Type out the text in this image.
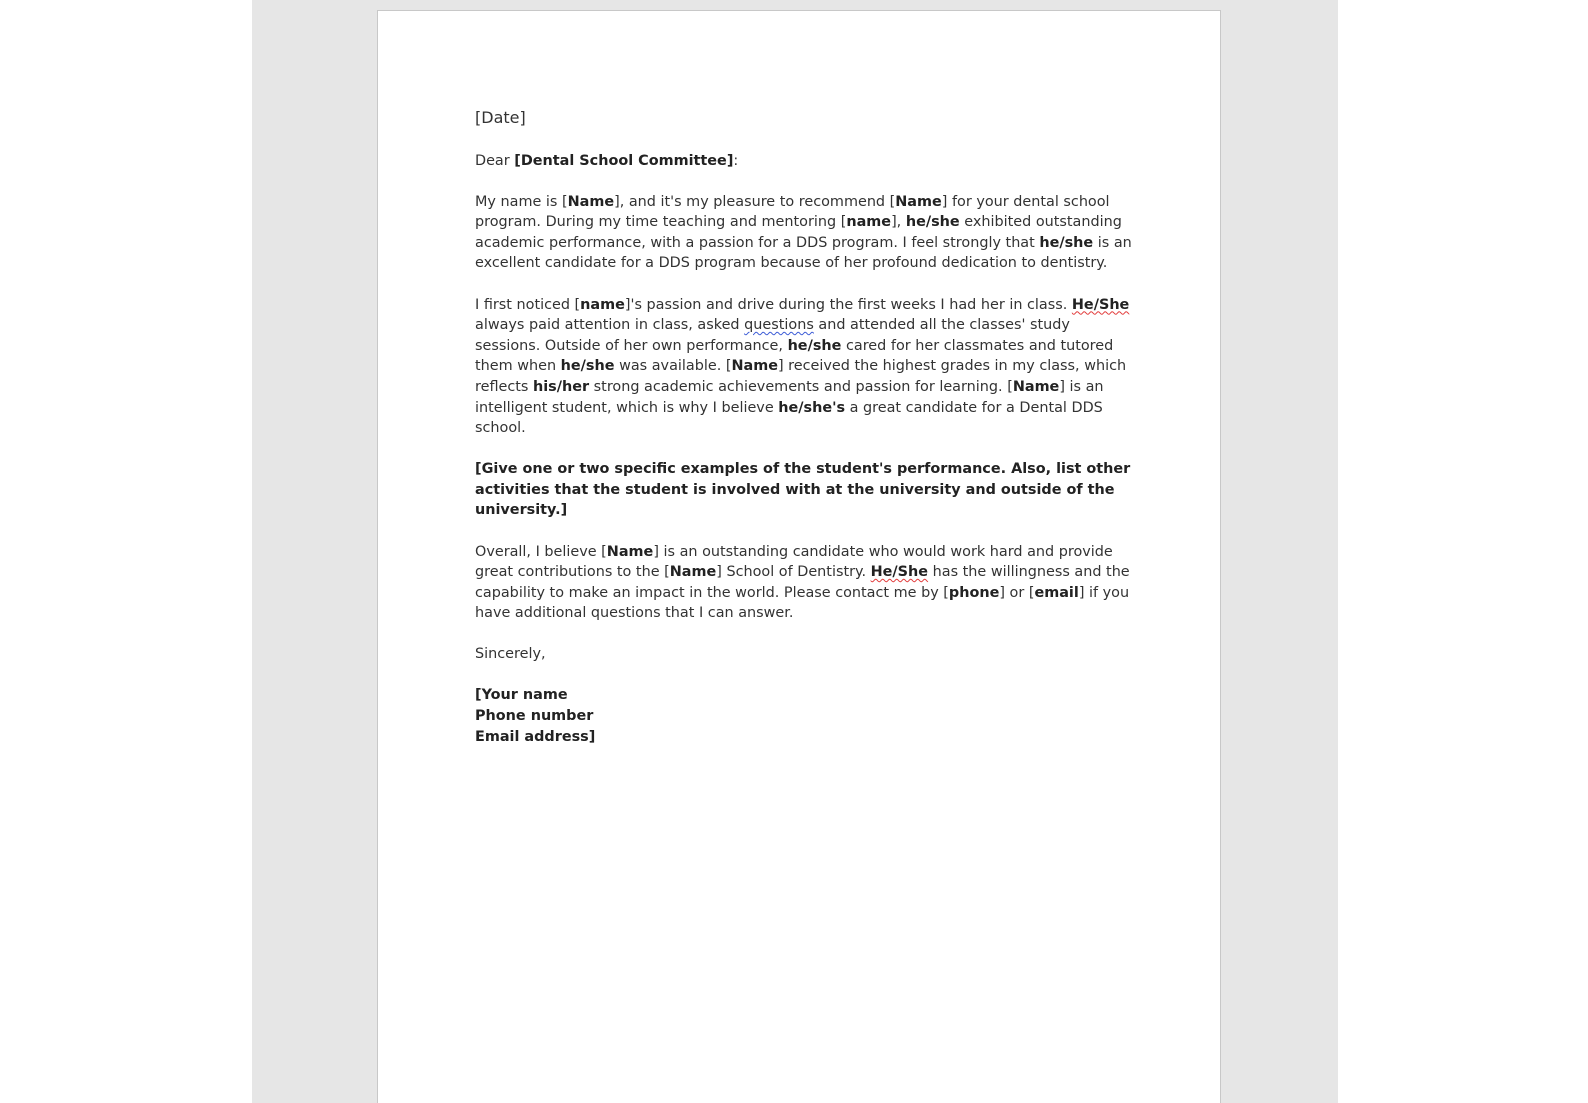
[Date]

Dear [Dental School Committee]:

My name is [Name], and it's my pleasure to recommend [Name] for your dental school program. During my time teaching and mentoring [name], he/she exhibited outstanding academic performance, with a passion for a DDS program. I feel strongly that he/she is an excellent candidate for a DDS program because of her profound dedication to dentistry.

I first noticed [name]'s passion and drive during the first weeks I had her in class. He/She always paid attention in class, asked questions and attended all the classes' study sessions. Outside of her own performance, he/she cared for her classmates and tutored them when he/she was available. [Name] received the highest grades in my class, which reflects his/her strong academic achievements and passion for learning. [Name] is an intelligent student, which is why I believe he/she's a great candidate for a Dental DDS school.

[Give one or two specific examples of the student's performance. Also, list other activities that the student is involved with at the university and outside of the university.]

Overall, I believe [Name] is an outstanding candidate who would work hard and provide great contributions to the [Name] School of Dentistry. He/She has the willingness and the capability to make an impact in the world. Please contact me by [phone] or [email] if you have additional questions that I can answer.

Sincerely,

[Your name
Phone number
Email address]
